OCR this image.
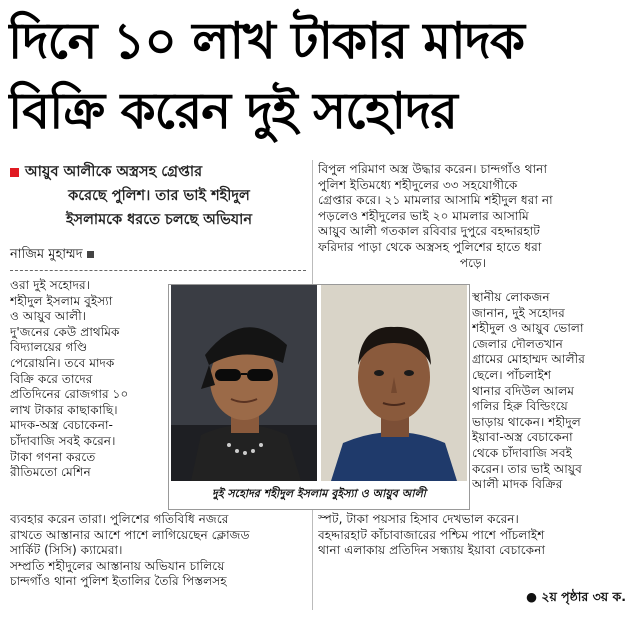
দিনে ১০ লাখ টাকার মাদক
বিক্রি করেন দুই সহোদর
আয়ুব আলীকে অস্ত্রসহ গ্রেপ্তার
করেছে পুলিশ। তার ভাই শহীদুল
ইসলামকে ধরতে চলছে অভিযান
নাজিম মুহাম্মদ
ওরা দুই সহোদর।
শহীদুল ইসলাম বুইস্যা
ও আয়ুব আলী।
দু'জনের কেউ প্রাথমিক
বিদ্যালয়ের গণ্ডি
পেরোয়নি। তবে মাদক
বিক্রি করে তাদের
প্রতিদিনের রোজগার ১০
লাখ টাকার কাছাকাছি।
মাদক-অস্ত্র বেচাকেনা-
চাঁদাবাজি সবই করেন।
টাকা গণনা করতে
রীতিমতো মেশিন
ব্যবহার করেন তারা। পুলিশের গতিবিধি নজরে
রাখতে আস্তানার আশে পাশে লাগিয়েছেন ক্লোজড
সার্কিট (সিসি) ক্যামেরা।
সম্প্রতি শহীদুলের আস্তানায় অভিযান চালিয়ে
চান্দগাঁও থানা পুলিশ ইতালির তৈরি পিস্তলসহ
বিপুল পরিমাণ অস্ত্র উদ্ধার করেন। চান্দগাঁও থানা
পুলিশ ইতিমধ্যে শহীদুলের ৩৩ সহযোগীকে
গ্রেপ্তার করে। ২১ মামলার আসামি শহীদুল ধরা না
পড়লেও শহীদুলের ভাই ২০ মামলার আসামি
আয়ুব আলী গতকাল রবিবার দুপুরে বহদ্দারহাট
ফরিদার পাড়া থেকে অস্ত্রসহ পুলিশের হাতে ধরা
পড়ে।
স্থানীয় লোকজন
জানান, দুই সহোদর
শহীদুল ও আয়ুব ভোলা
জেলার দৌলতখান
গ্রামের মোহাম্মদ আলীর
ছেলে। পাঁচলাইশ
থানার বদিউল আলম
গলির হিরু বিল্ডিংয়ে
ভাড়ায় থাকেন। শহীদুল
ইয়াবা-অস্ত্র বেচাকেনা
থেকে চাঁদাবাজি সবই
করেন। তার ভাই আয়ুব
আলী মাদক বিক্রির
স্পট, টাকা পয়সার হিসাব দেখভাল করেন।
বহদ্দারহাট কাঁচাবাজারের পশ্চিম পাশে পাঁচলাইশ
থানা এলাকায় প্রতিদিন সন্ধ্যায় ইয়াবা বেচাকেনা
দুই সহোদর শহীদুল ইসলাম বুইস্যা ও আয়ুব আলী
● ২য় পৃষ্ঠার ৩য় ক.
